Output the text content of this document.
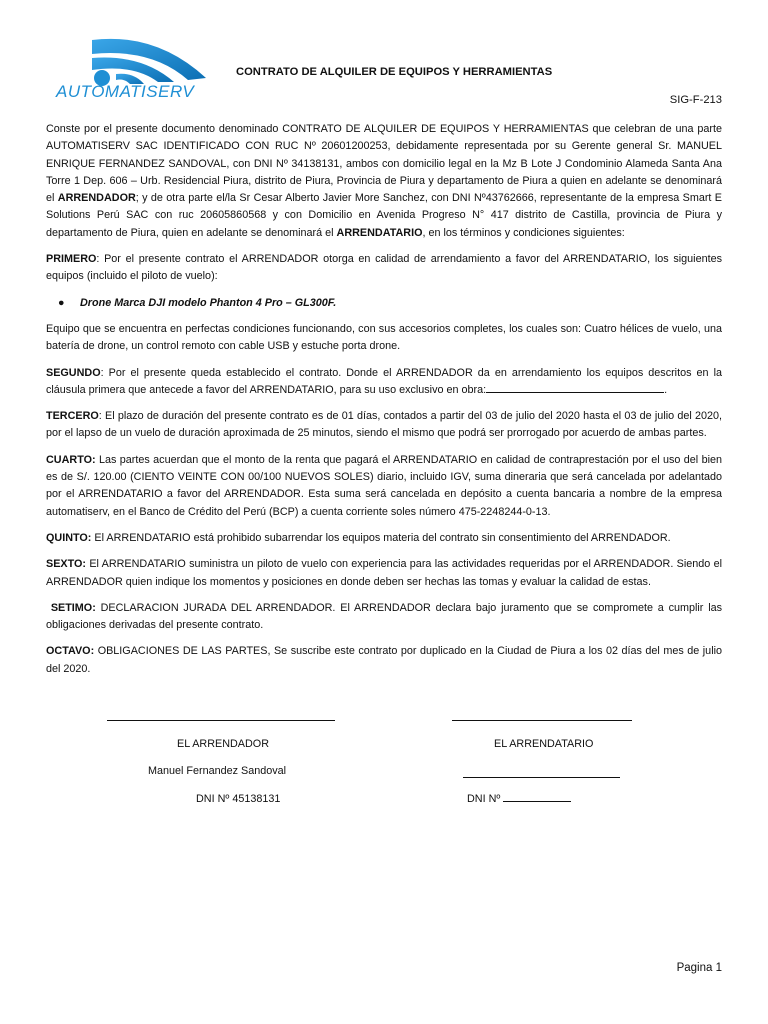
AUTOMATISERV
CONTRATO DE ALQUILER DE EQUIPOS Y HERRAMIENTAS
SIG-F-213

Conste por el presente documento denominado CONTRATO DE ALQUILER DE EQUIPOS Y HERRAMIENTAS que celebran de una parte AUTOMATISERV SAC IDENTIFICADO CON RUC Nº 20601200253, debidamente representada por su Gerente general Sr. MANUEL ENRIQUE FERNANDEZ SANDOVAL, con DNI Nº 34138131, ambos con domicilio legal en la Mz B Lote J Condominio Alameda Santa Ana Torre 1 Dep. 606 – Urb. Residencial Piura, distrito de Piura, Provincia de Piura y departamento de Piura a quien en adelante se denominará el ARRENDADOR; y de otra parte el/la Sr Cesar Alberto Javier More Sanchez, con DNI Nº43762666, representante de la empresa Smart E Solutions Perú SAC con ruc 20605860568 y con Domicilio en Avenida Progreso N° 417 distrito de Castilla, provincia de Piura y departamento de Piura, quien en adelante se denominará el ARRENDATARIO, en los términos y condiciones siguientes:

PRIMERO: Por el presente contrato el ARRENDADOR otorga en calidad de arrendamiento a favor del ARRENDATARIO, los siguientes equipos (incluido el piloto de vuelo):

● Drone Marca DJI modelo Phanton 4 Pro – GL300F.

Equipo que se encuentra en perfectas condiciones funcionando, con sus accesorios completes, los cuales son: Cuatro hélices de vuelo, una batería de drone, un control remoto con cable USB y estuche porta drone.

SEGUNDO: Por el presente queda establecido el contrato. Donde el ARRENDADOR da en arrendamiento los equipos descritos en la cláusula primera que antecede a favor del ARRENDATARIO, para su uso exclusivo en obra:	.

TERCERO: El plazo de duración del presente contrato es de 01 días, contados a partir del 03 de julio del 2020 hasta el 03 de julio del 2020, por el lapso de un vuelo de duración aproximada de 25 minutos, siendo el mismo que podrá ser prorrogado por acuerdo de ambas partes.

CUARTO: Las partes acuerdan que el monto de la renta que pagará el ARRENDATARIO en calidad de contraprestación por el uso del bien es de S/. 120.00 (CIENTO VEINTE CON 00/100 NUEVOS SOLES) diario, incluido IGV, suma dineraria que será cancelada por adelantado por el ARRENDATARIO a favor del ARRENDADOR. Esta suma será cancelada en depósito a cuenta bancaria a nombre de la empresa automatiserv, en el Banco de Crédito del Perú (BCP) a cuenta corriente soles número 475-2248244-0-13.

QUINTO: El ARRENDATARIO está prohibido subarrendar los equipos materia del contrato sin consentimiento del ARRENDADOR.

SEXTO: El ARRENDATARIO suministra un piloto de vuelo con experiencia para las actividades requeridas por el ARRENDADOR. Siendo el ARRENDADOR quien indique los momentos y posiciones en donde deben ser hechas las tomas y evaluar la calidad de estas.

SETIMO: DECLARACION JURADA DEL ARRENDADOR. El ARRENDADOR declara bajo juramento que se compromete a cumplir las obligaciones derivadas del presente contrato.

OCTAVO: OBLIGACIONES DE LAS PARTES, Se suscribe este contrato por duplicado en la Ciudad de Piura a los 02 días del mes de julio del 2020.

EL ARRENDADOR	EL ARRENDATARIO
Manuel Fernandez Sandoval
DNI Nº 45138131	DNI Nº
Pagina 1
